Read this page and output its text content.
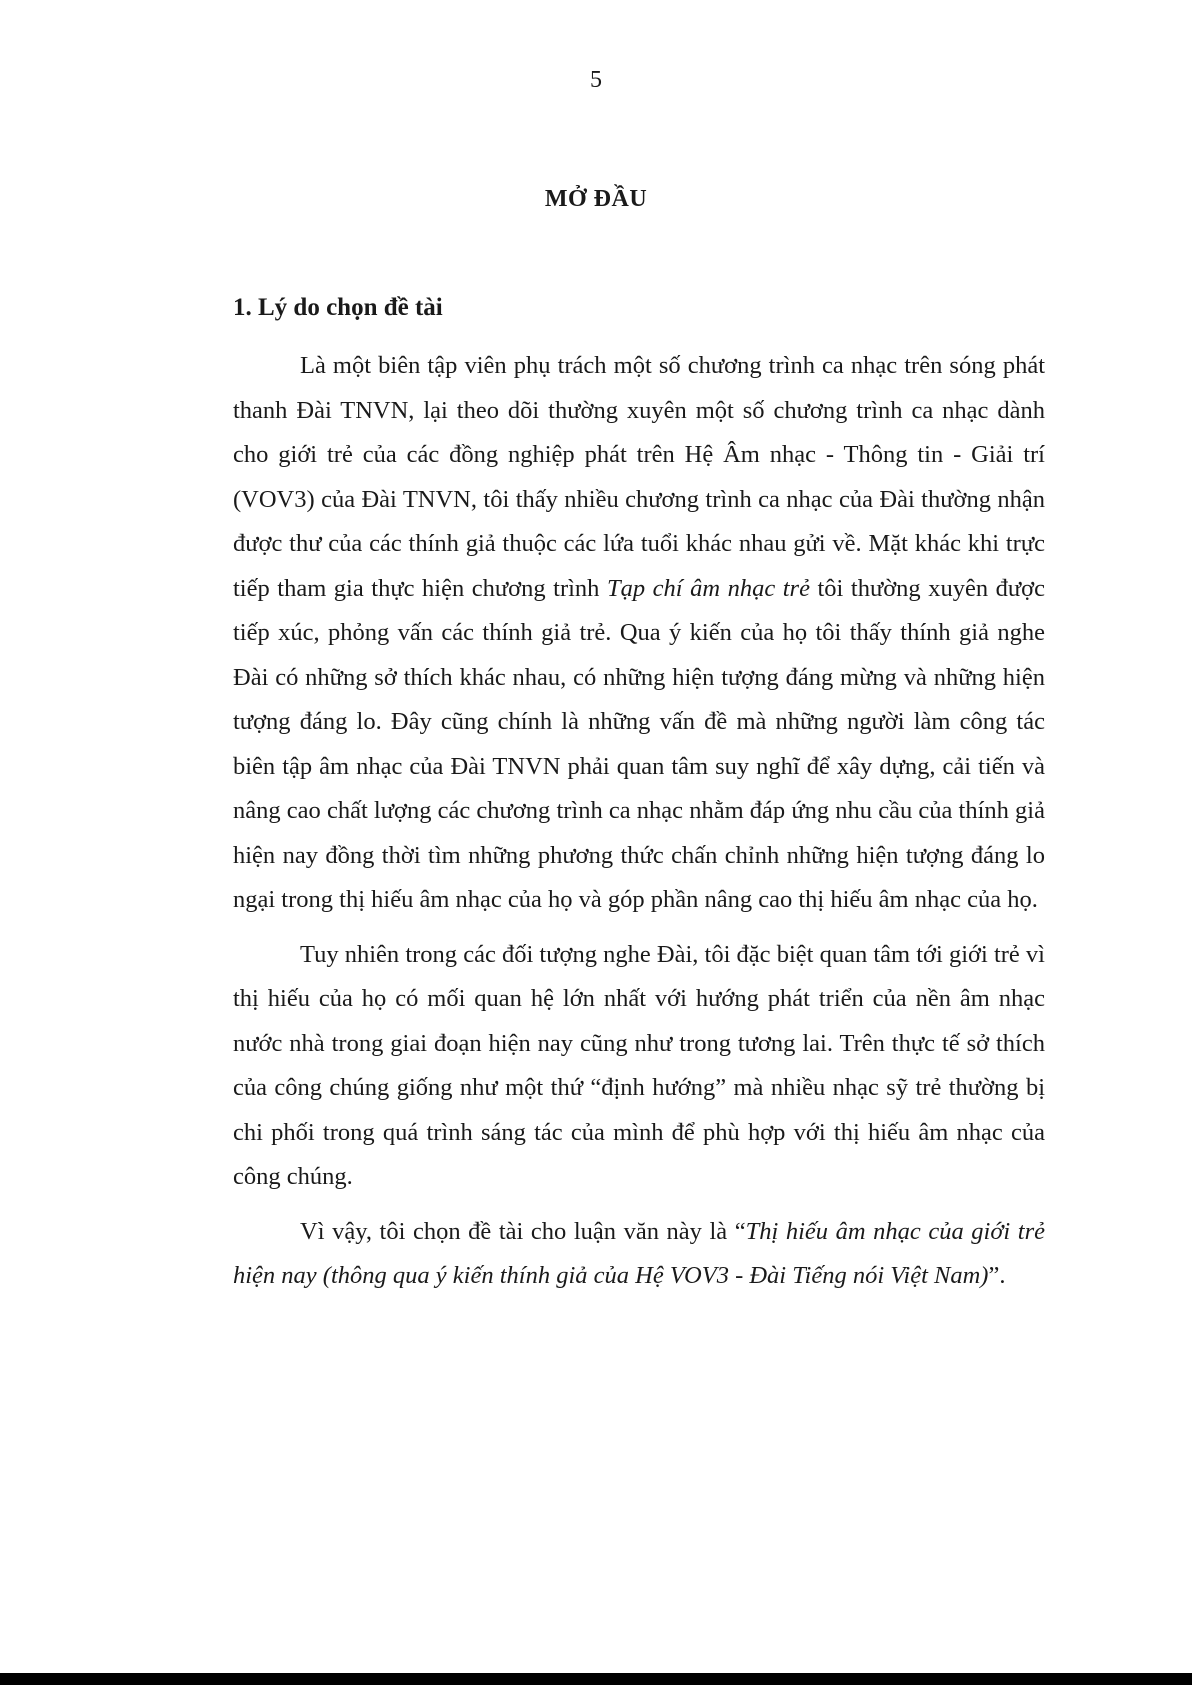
5
MỞ ĐẦU
1. Lý do chọn đề tài

Là một biên tập viên phụ trách một số chương trình ca nhạc trên sóng phát thanh Đài TNVN, lại theo dõi thường xuyên một số chương trình ca nhạc dành cho giới trẻ của các đồng nghiệp phát trên Hệ Âm nhạc - Thông tin - Giải trí (VOV3) của Đài TNVN, tôi thấy nhiều chương trình ca nhạc của Đài thường nhận được thư của các thính giả thuộc các lứa tuổi khác nhau gửi về. Mặt khác khi trực tiếp tham gia thực hiện chương trình Tạp chí âm nhạc trẻ tôi thường xuyên được tiếp xúc, phỏng vấn các thính giả trẻ. Qua ý kiến của họ tôi thấy thính giả nghe Đài có những sở thích khác nhau, có những hiện tượng đáng mừng và những hiện tượng đáng lo. Đây cũng chính là những vấn đề mà những người làm công tác biên tập âm nhạc của Đài TNVN phải quan tâm suy nghĩ để xây dựng, cải tiến và nâng cao chất lượng các chương trình ca nhạc nhằm đáp ứng nhu cầu của thính giả hiện nay đồng thời tìm những phương thức chấn chỉnh những hiện tượng đáng lo ngại trong thị hiếu âm nhạc của họ và góp phần nâng cao thị hiếu âm nhạc của họ.

Tuy nhiên trong các đối tượng nghe Đài, tôi đặc biệt quan tâm tới giới trẻ vì thị hiếu của họ có mối quan hệ lớn nhất với hướng phát triển của nền âm nhạc nước nhà trong giai đoạn hiện nay cũng như trong tương lai. Trên thực tế sở thích của công chúng giống như một thứ “định hướng” mà nhiều nhạc sỹ trẻ thường bị chi phối trong quá trình sáng tác của mình để phù hợp với thị hiếu âm nhạc của công chúng.

Vì vậy, tôi chọn đề tài cho luận văn này là “Thị hiếu âm nhạc của giới trẻ hiện nay (thông qua ý kiến thính giả của Hệ VOV3 - Đài Tiếng nói Việt Nam)”.
